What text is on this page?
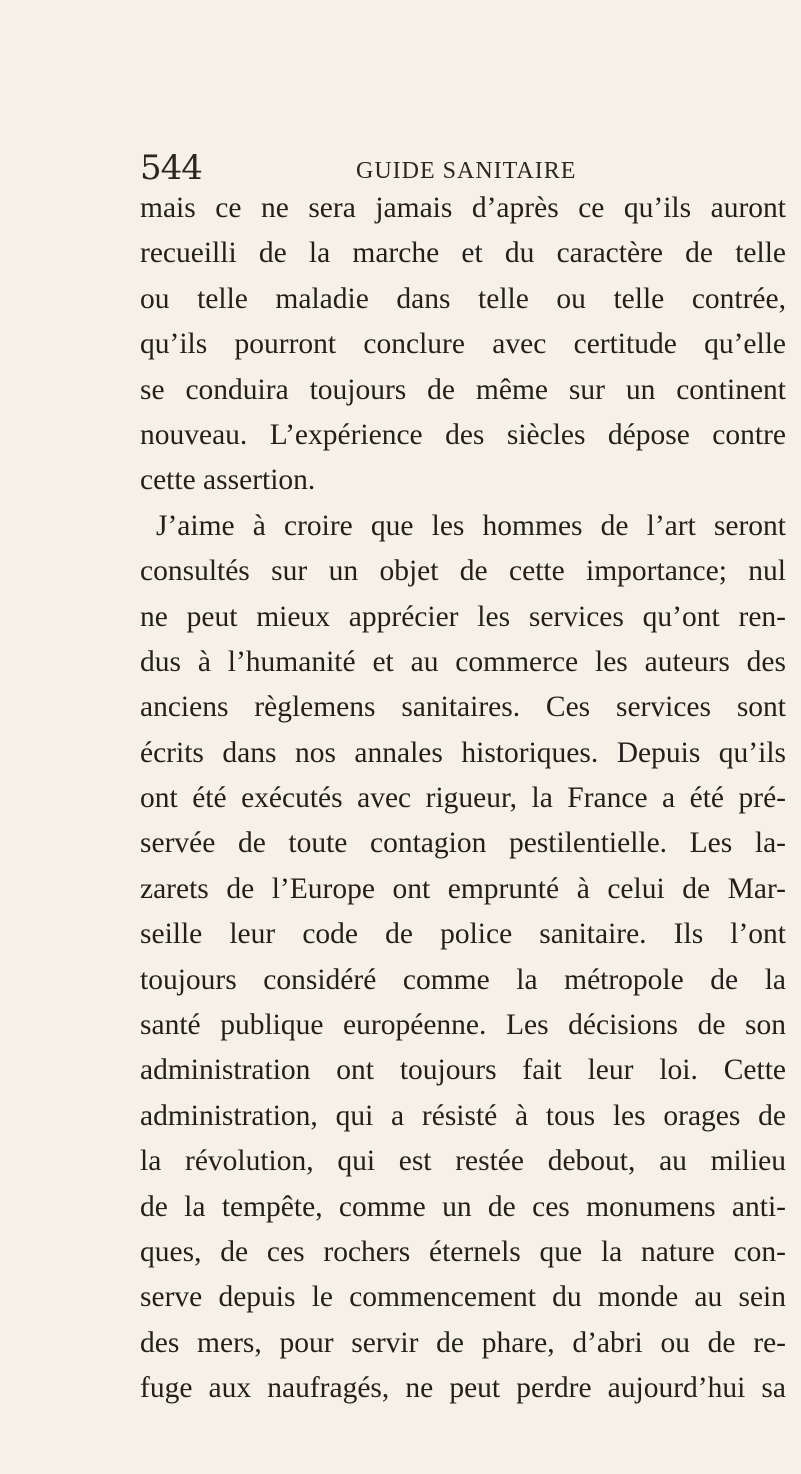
544	GUIDE SANITAIRE
mais ce ne sera jamais d’après ce qu’ils auront
recueilli de la marche et du caractère de telle
ou telle maladie dans telle ou telle contrée,
qu’ils pourront conclure avec certitude qu’elle
se conduira toujours de même sur un continent
nouveau. L’expérience des siècles dépose contre
cette assertion.
J’aime à croire que les hommes de l’art seront
consultés sur un objet de cette importance; nul
ne peut mieux apprécier les services qu’ont ren-
dus à l’humanité et au commerce les auteurs des
anciens règlemens sanitaires. Ces services sont
écrits dans nos annales historiques. Depuis qu’ils
ont été exécutés avec rigueur, la France a été pré-
servée de toute contagion pestilentielle. Les la-
zarets de l’Europe ont emprunté à celui de Mar-
seille leur code de police sanitaire. Ils l’ont
toujours considéré comme la métropole de la
santé publique européenne. Les décisions de son
administration ont toujours fait leur loi. Cette
administration, qui a résisté à tous les orages de
la révolution, qui est restée debout, au milieu
de la tempête, comme un de ces monumens anti-
ques, de ces rochers éternels que la nature con-
serve depuis le commencement du monde au sein
des mers, pour servir de phare, d’abri ou de re-
fuge aux naufragés, ne peut perdre aujourd’hui sa
